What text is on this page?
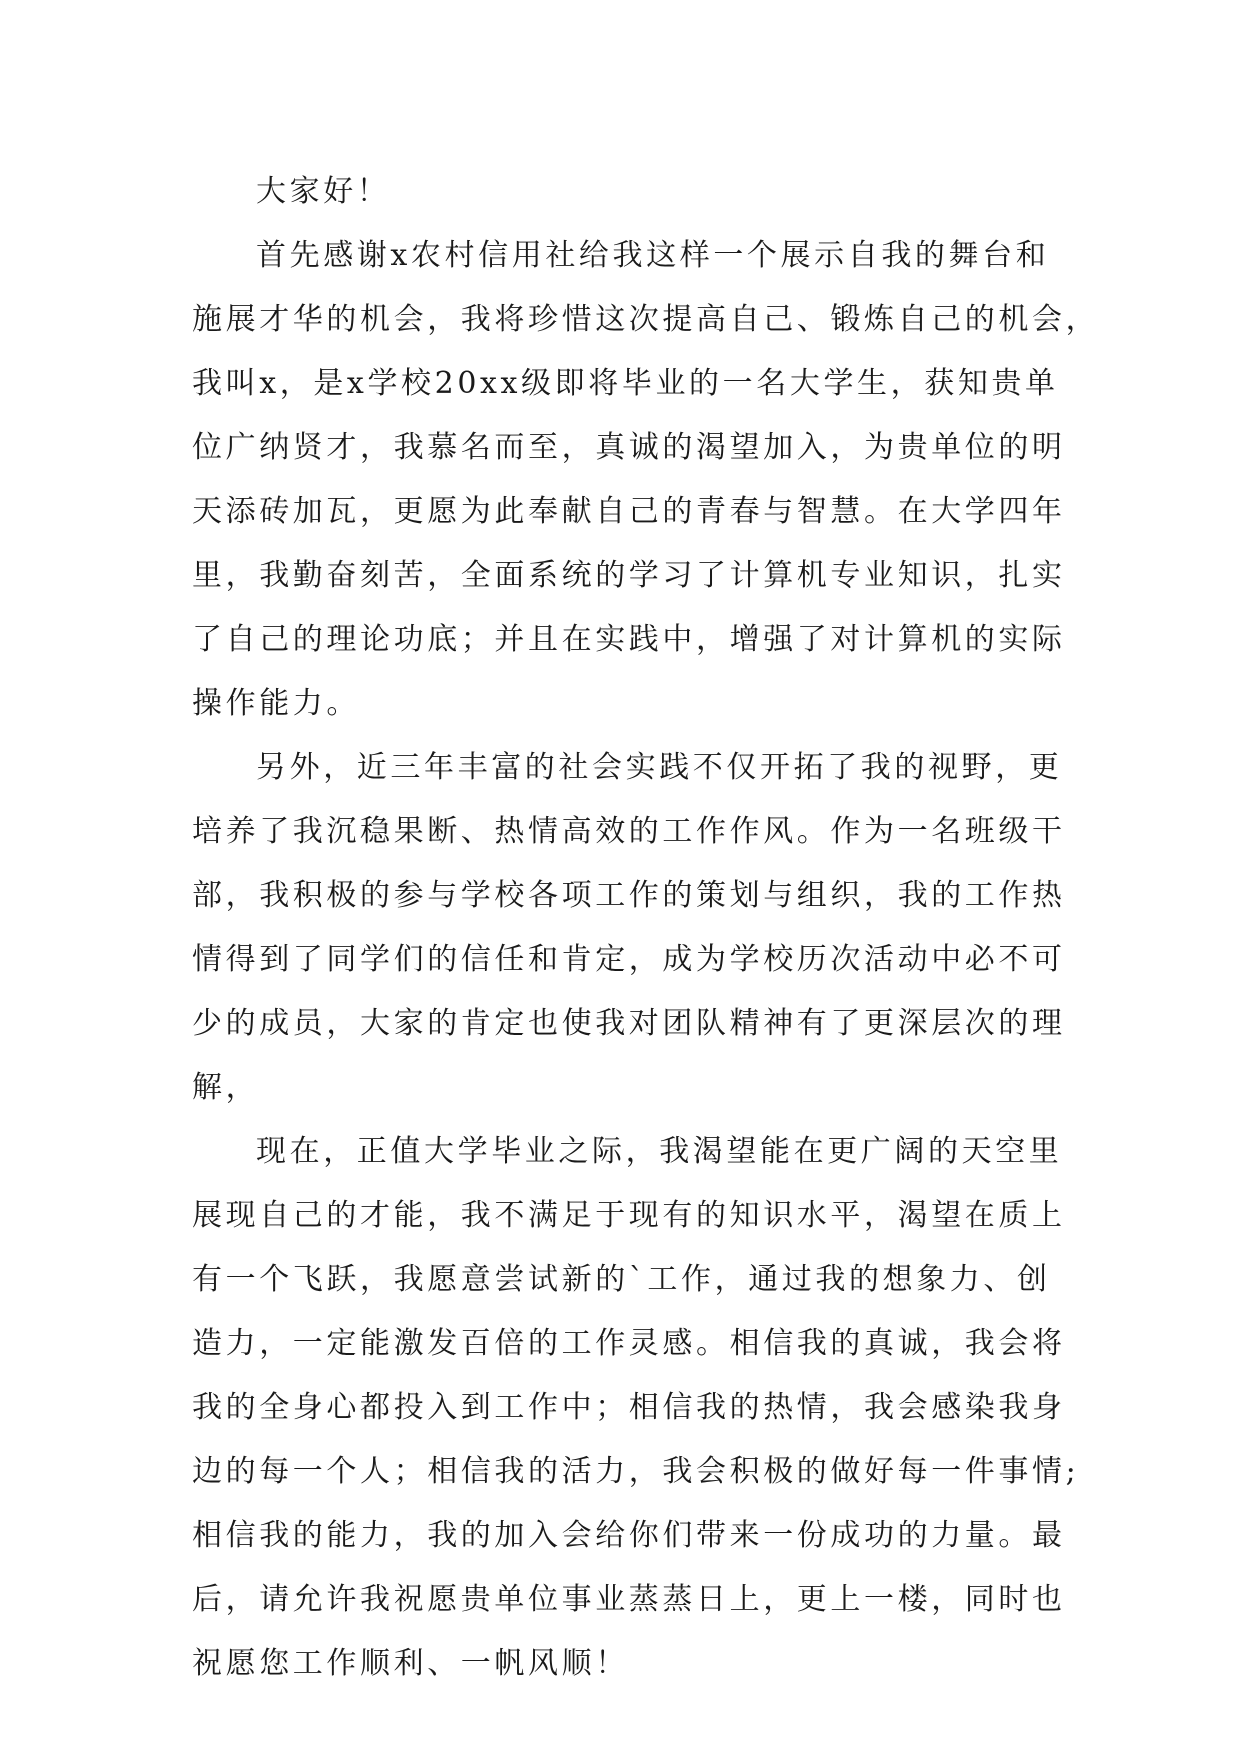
大家好！
首先感谢x农村信用社给我这样一个展示自我的舞台和
施展才华的机会，我将珍惜这次提高自己、锻炼自己的机会，
我叫x，是x学校20xx级即将毕业的一名大学生，获知贵单
位广纳贤才，我慕名而至，真诚的渴望加入，为贵单位的明
天添砖加瓦，更愿为此奉献自己的青春与智慧。在大学四年
里，我勤奋刻苦，全面系统的学习了计算机专业知识，扎实
了自己的理论功底；并且在实践中，增强了对计算机的实际
操作能力。
另外，近三年丰富的社会实践不仅开拓了我的视野，更
培养了我沉稳果断、热情高效的工作作风。作为一名班级干
部，我积极的参与学校各项工作的策划与组织，我的工作热
情得到了同学们的信任和肯定，成为学校历次活动中必不可
少的成员，大家的肯定也使我对团队精神有了更深层次的理
解，
现在，正值大学毕业之际，我渴望能在更广阔的天空里
展现自己的才能，我不满足于现有的知识水平，渴望在质上
有一个飞跃，我愿意尝试新的`工作，通过我的想象力、创
造力，一定能激发百倍的工作灵感。相信我的真诚，我会将
我的全身心都投入到工作中；相信我的热情，我会感染我身
边的每一个人；相信我的活力，我会积极的做好每一件事情;
相信我的能力，我的加入会给你们带来一份成功的力量。最
后，请允许我祝愿贵单位事业蒸蒸日上，更上一楼，同时也
祝愿您工作顺利、一帆风顺！
